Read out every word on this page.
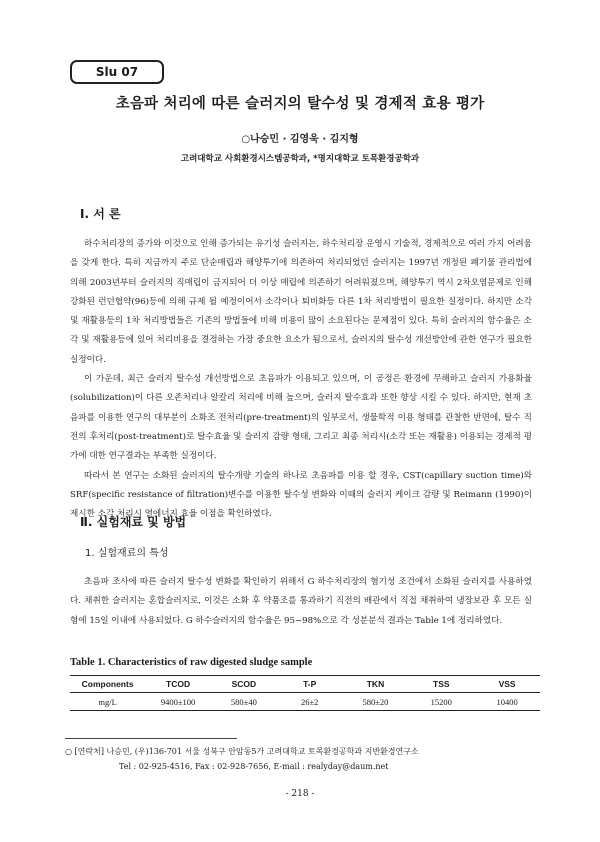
Slu 07
초음파 처리에 따른 슬러지의 탈수성 및 경제적 효용 평가
○나승민 · 김영욱 · 김지형
고려대학교 사회환경시스템공학과, *명지대학교 토목환경공학과
Ⅰ. 서 론

하수처리장의 증가와 이것으로 인해 증가되는 유기성 슬러지는, 하수처리장 운영시 기술적, 경제적으로 여러 가지 어려움을 갖게 한다. 특히 지금까지 주로 단순매립과 해양투기에 의존하여 처리되었던 슬러지는 1997년 개정된 폐기물 관리법에 의해 2003년부터 슬러지의 직매립이 금지되어 더 이상 매립에 의존하기 어려워졌으며, 해양투기 역시 2차오염문제로 인해 강화된 런던협약(96)등에 의해 규제 될 예정이어서 소각이나 퇴비화등 다른 1차 처리방법이 필요한 실정이다. 하지만 소각 및 재활용등의 1차 처리방법들은 기존의 방법들에 비해 비용이 많이 소요된다는 문제점이 있다. 특히 슬러지의 함수율은 소각 및 재활용등에 있어 처리비용을 결정하는 가장 중요한 요소가 됨으로서, 슬러지의 탈수성 개선방안에 관한 연구가 필요한 실정이다.

이 가운데, 최근 슬러지 탈수성 개선방법으로 초음파가 이용되고 있으며, 이 공정은 환경에 무해하고 슬러지 가용화율(solubilization)이 다른 오존처리나 알칼리 처리에 비해 높으며, 슬러지 탈수효과 또한 향상 시킬 수 있다. 하지만, 현재 초음파를 이용한 연구의 대부분이 소화조 전처리(pre-treatment)의 일부로서, 생물학적 이용 형태를 관찰한 반면에, 탈수 직전의 후처리(post-treatment)로 탈수효율 및 슬러지 감량 형태, 그리고 최종 처리시(소각 또는 재활용) 이용되는 경제적 평가에 대한 연구결과는 부족한 실정이다.

따라서 본 연구는 소화된 슬러지의 탈수개량 기술의 하나로 초음파를 이용 할 경우, CST(capillary suction time)와 SRF(specific resistance of filtration)변수를 이용한 탈수성 변화와 이때의 슬러지 케이크 감량 및 Reimann (1990)이 제시한 소각 처리시 열에너지 효율 이점을 확인하였다.

Ⅱ. 실험재료 및 방법
1. 실험재료의 특성

초음파 조사에 따른 슬러지 탈수성 변화를 확인하기 위해서 G 하수처리장의 혐기성 조건에서 소화된 슬러지를 사용하였다. 채취한 슬러지는 혼합슬러지로, 이것은 소화 후 약품조를 통과하기 직전의 배관에서 직접 채취하여 냉장보관 후 모든 실험에 15일 이내에 사용되었다. G 하수슬러지의 함수율은 95~98%으로 각 성분분석 결과는 Table 1에 정리하였다.

Table 1. Characteristics of raw digested sludge sample
Components	TCOD	SCOD	T-P	TKN	TSS	VSS
mg/L	9400±100	580±40	26±2	580±20	15200	10400
○ [연락처] 나승민, (우)136-701 서울 성북구 안암동5가 고려대학교 토목환경공학과 지반환경연구소
Tel : 02-925-4516, Fax : 02-928-7656, E-mail : realyday@daum.net
- 218 -
